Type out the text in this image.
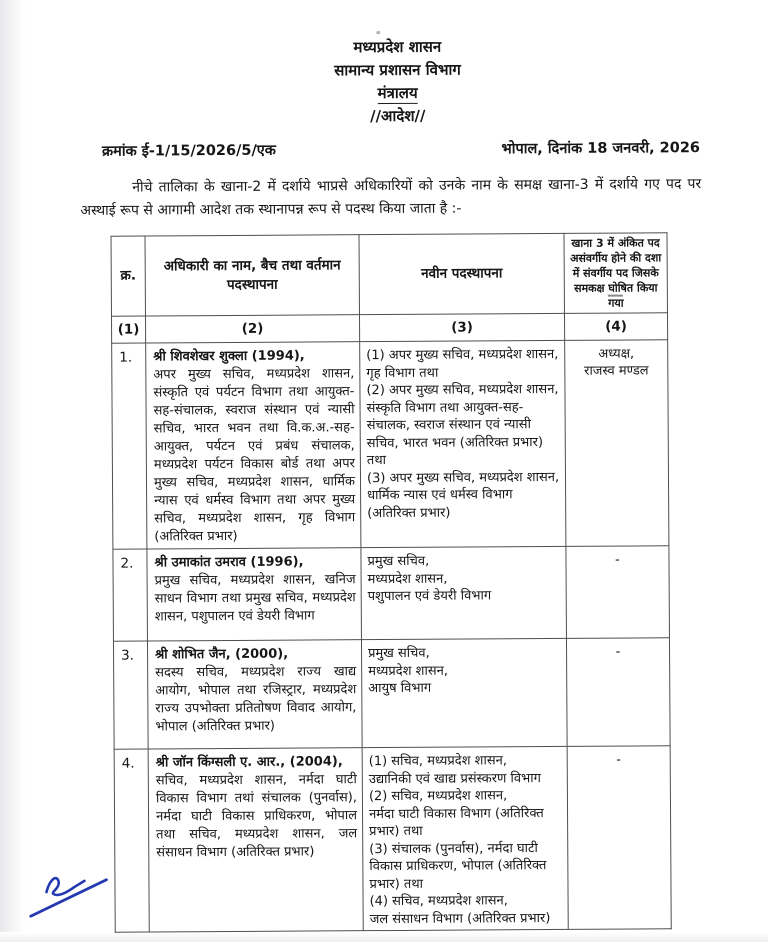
मध्यप्रदेश शासन
सामान्य प्रशासन विभाग
मंत्रालय
//आदेश//
क्रमांक ई-1/15/2026/5/एक	भोपाल, दिनांक 18 जनवरी, 2026
नीचे तालिका के खाना-2 में दर्शाये भाप्रसे अधिकारियों को उनके नाम के समक्ष खाना-3 में दर्शाये गए पद पर अस्थाई रूप से आगामी आदेश तक स्थानापन्न रूप से पदस्थ किया जाता है :-
क्र.	अधिकारी का नाम, बैच तथा वर्तमान पदस्थापना	नवीन पदस्थापना	खाना 3 में अंकित पद असंवर्गीय होने की दशा में संवर्गीय पद जिसके समकक्ष घोषित किया गया
(1)	(2)	(3)	(4)
1.	श्री शिवशेखर शुक्ला (1994),
अपर मुख्य सचिव, मध्यप्रदेश शासन, संस्कृति एवं पर्यटन विभाग तथा आयुक्त-सह-संचालक, स्वराज संस्थान एवं न्यासी सचिव, भारत भवन तथा वि.क.अ.-सह-आयुक्त, पर्यटन एवं प्रबंध संचालक, मध्यप्रदेश पर्यटन विकास बोर्ड तथा अपर मुख्य सचिव, मध्यप्रदेश शासन, धार्मिक न्यास एवं धर्मस्व विभाग तथा अपर मुख्य सचिव, मध्यप्रदेश शासन, गृह विभाग (अतिरिक्त प्रभार)
	(1) अपर मुख्य सचिव, मध्यप्रदेश शासन, गृह विभाग तथा
(2) अपर मुख्य सचिव, मध्यप्रदेश शासन, संस्कृति विभाग तथा आयुक्त-सह-संचालक, स्वराज संस्थान एवं न्यासी सचिव, भारत भवन (अतिरिक्त प्रभार) तथा
(3) अपर मुख्य सचिव, मध्यप्रदेश शासन, धार्मिक न्यास एवं धर्मस्व विभाग (अतिरिक्त प्रभार)	अध्यक्ष,
राजस्व मण्डल
2.	श्री उमाकांत उमराव (1996),
प्रमुख सचिव, मध्यप्रदेश शासन, खनिज साधन विभाग तथा प्रमुख सचिव, मध्यप्रदेश शासन, पशुपालन एवं डेयरी विभाग	प्रमुख सचिव,
मध्यप्रदेश शासन,
पशुपालन एवं डेयरी विभाग	-
3.	श्री शोभित जैन, (2000),
सदस्य सचिव, मध्यप्रदेश राज्य खाद्य आयोग, भोपाल तथा रजिस्ट्रार, मध्यप्रदेश राज्य उपभोक्ता प्रतितोषण विवाद आयोग, भोपाल (अतिरिक्त प्रभार)	प्रमुख सचिव,
मध्यप्रदेश शासन,
आयुष विभाग	-
4.	श्री जॉन किंग्सली ए. आर., (2004),
सचिव, मध्यप्रदेश शासन, नर्मदा घाटी विकास विभाग तथां संचालक (पुनर्वास), नर्मदा घाटी विकास प्राधिकरण, भोपाल तथा सचिव, मध्यप्रदेश शासन, जल संसाधन विभाग (अतिरिक्त प्रभार)
	(1) सचिव, मध्यप्रदेश शासन,
उद्यानिकी एवं खाद्य प्रसंस्करण विभाग
(2) सचिव, मध्यप्रदेश शासन,
नर्मदा घाटी विकास विभाग (अतिरिक्त प्रभार) तथा
(3) संचालक (पुनर्वास), नर्मदा घाटी विकास प्राधिकरण, भोपाल (अतिरिक्त प्रभार) तथा
(4) सचिव, मध्यप्रदेश शासन,
जल संसाधन विभाग (अतिरिक्त प्रभार)	-
